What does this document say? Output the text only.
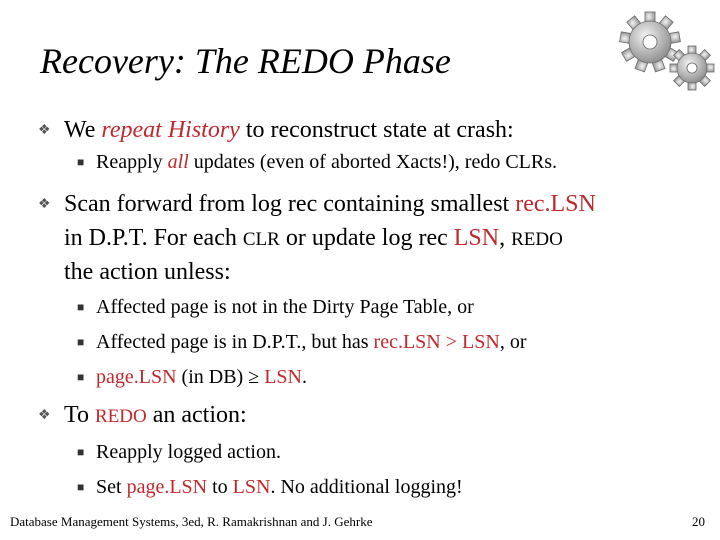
Recovery: The REDO Phase
❖ We repeat History to reconstruct state at crash:
■ Reapply all updates (even of aborted Xacts!), redo CLRs.
❖ Scan forward from log rec containing smallest rec.LSN
in D.P.T. For each CLR or update log rec LSN, REDO
the action unless:
■ Affected page is not in the Dirty Page Table, or
■ Affected page is in D.P.T., but has rec.LSN > LSN, or
■ page.LSN (in DB) ≥ LSN.
❖ To REDO an action:
■ Reapply logged action.
■ Set page.LSN to LSN. No additional logging!
Database Management Systems, 3ed, R. Ramakrishnan and J. Gehrke	20
